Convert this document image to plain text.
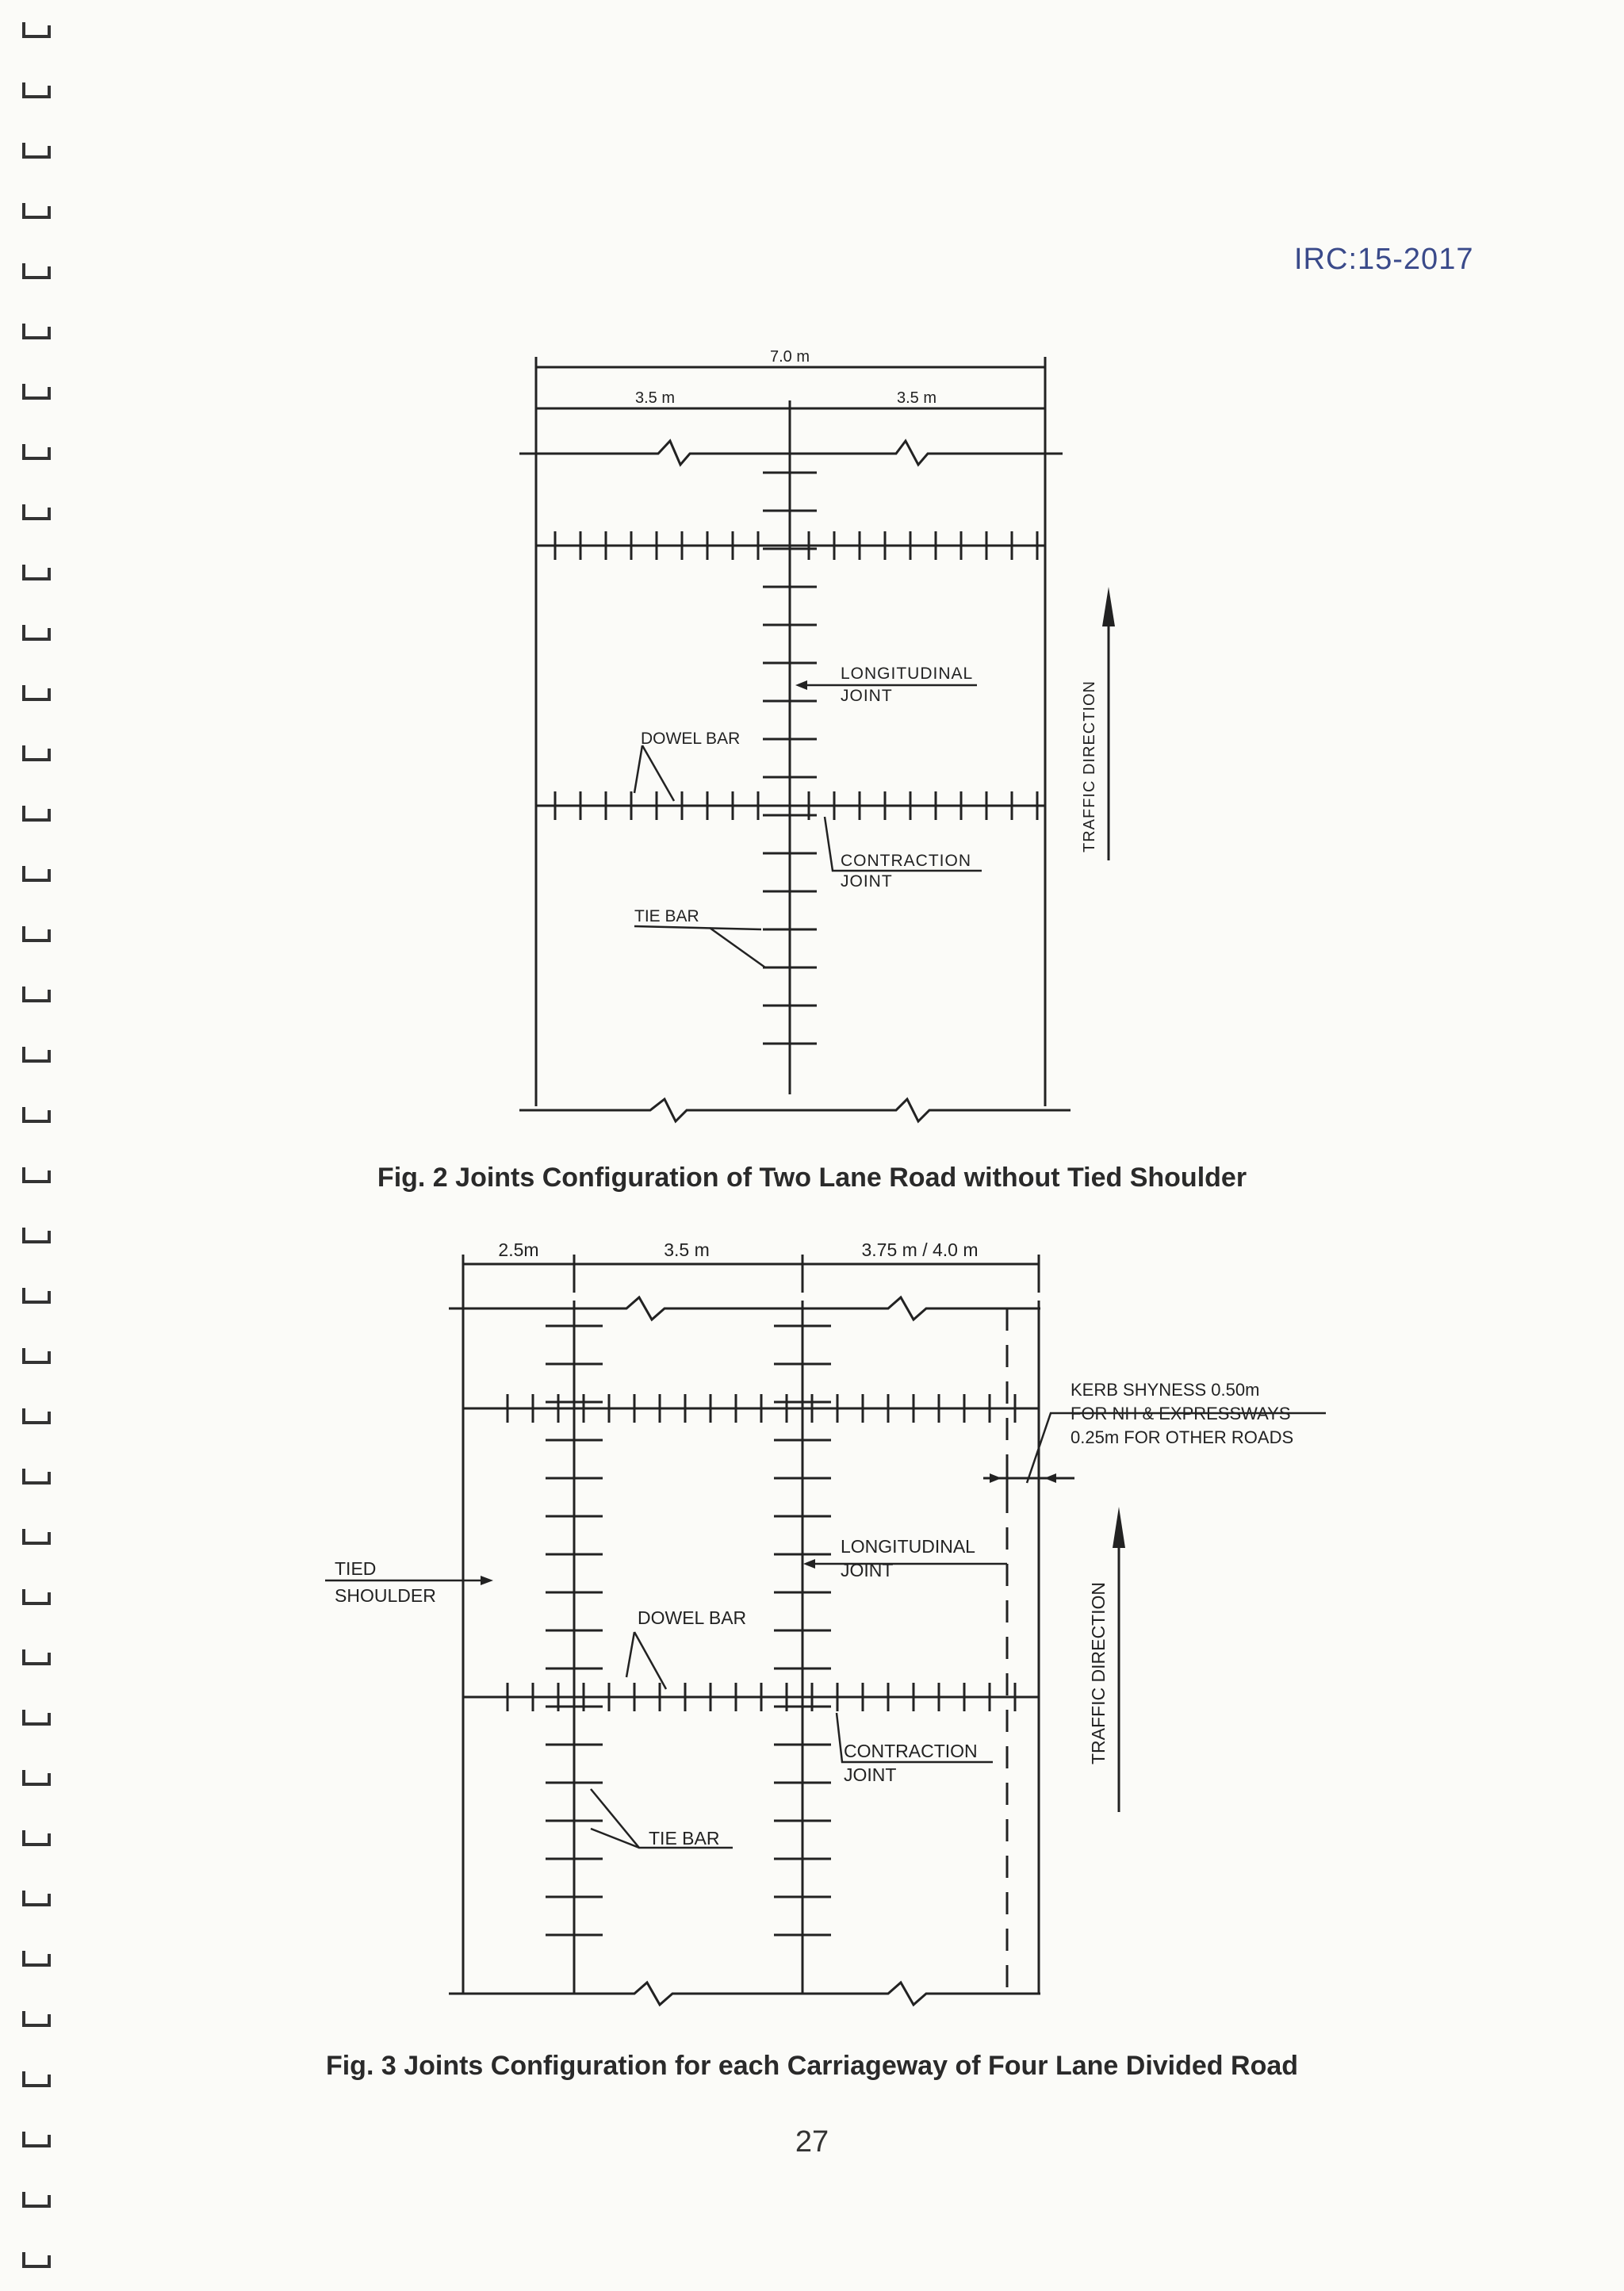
IRC:15-2017
7.0 m
3.5 m	3.5 m
LONGITUDINAL
JOINT
DOWEL BAR
CONTRACTION
JOINT
TIE BAR
TRAFFIC DIRECTION
Fig. 2 Joints Configuration of Two Lane Road without Tied Shoulder
2.5m	3.5 m	3.75 m / 4.0 m
KERB SHYNESS 0.50m
FOR NH & EXPRESSWAYS
0.25m FOR OTHER ROADS
LONGITUDINAL
JOINT
TIED
SHOULDER
DOWEL BAR
CONTRACTION
JOINT
TIE BAR
TRAFFIC DIRECTION
Fig. 3 Joints Configuration for each Carriageway of Four Lane Divided Road
27
